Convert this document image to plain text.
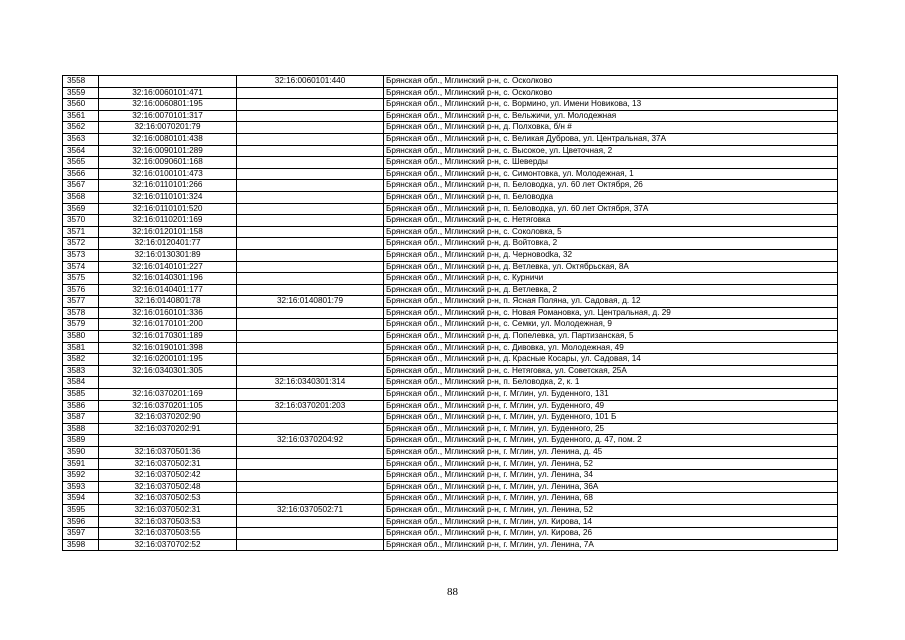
3558		32:16:0060101:440	Брянская обл., Мглинский р-н, с. Осколково
3559	32:16:0060101:471		Брянская обл., Мглинский р-н, с. Осколково
3560	32:16:0060801:195		Брянская обл., Мглинский р-н, с. Вормино, ул. Имени Новикова, 13
3561	32:16:0070101:317		Брянская обл., Мглинский р-н, с. Вельжичи, ул. Молодежная
3562	32:16:0070201:79		Брянская обл., Мглинский р-н, д. Полховка, б/н #
3563	32:16:0080101:438		Брянская обл., Мглинский р-н, с. Великая Дуброва, ул. Центральная, 37А
3564	32:16:0090101:289		Брянская обл., Мглинский р-н, с. Высокое, ул. Цветочная, 2
3565	32:16:0090601:168		Брянская обл., Мглинский р-н, с. Шеверды
3566	32:16:0100101:473		Брянская обл., Мглинский р-н, с. Симонтовка, ул. Молодежная, 1
3567	32:16:0110101:266		Брянская обл., Мглинский р-н, п. Беловодка, ул. 60 лет Октября, 26
3568	32:16:0110101:324		Брянская обл., Мглинский р-н, п. Беловодка
3569	32:16:0110101:520		Брянская обл., Мглинский р-н, п. Беловодка, ул. 60 лет Октября, 37А
3570	32:16:0110201:169		Брянская обл., Мглинский р-н, с. Нетяговка
3571	32:16:0120101:158		Брянская обл., Мглинский р-н, с. Соколовка, 5
3572	32:16:0120401:77		Брянская обл., Мглинский р-н, д. Войтовка, 2
3573	32:16:0130301:89		Брянская обл., Мглинский р-н, д. Черновodka, 32
3574	32:16:0140101:227		Брянская обл., Мглинский р-н, д. Ветлевка, ул. Октябрьская, 8А
3575	32:16:0140301:196		Брянская обл., Мглинский р-н, с. Курничи
3576	32:16:0140401:177		Брянская обл., Мглинский р-н, д. Ветлевка, 2
3577	32:16:0140801:78	32:16:0140801:79	Брянская обл., Мглинский р-н, п. Ясная Поляна, ул. Садовая, д. 12
3578	32:16:0160101:336		Брянская обл., Мглинский р-н, с. Новая Романовка, ул. Центральная, д. 29
3579	32:16:0170101:200		Брянская обл., Мглинский р-н, с. Семки, ул. Молодежная, 9
3580	32:16:0170301:189		Брянская обл., Мглинский р-н, д. Попелевка, ул. Партизанская, 5
3581	32:16:0190101:398		Брянская обл., Мглинский р-н, с. Дивовка, ул. Молодежная, 49
3582	32:16:0200101:195		Брянская обл., Мглинский р-н, д. Красные Косары, ул. Садовая, 14
3583	32:16:0340301:305		Брянская обл., Мглинский р-н, с. Нетяговка, ул. Советская, 25А
3584		32:16:0340301:314	Брянская обл., Мглинский р-н, п. Беловодка, 2, к. 1
3585	32:16:0370201:169		Брянская обл., Мглинский р-н, г. Мглин, ул. Буденного, 131
3586	32:16:0370201:105	32:16:0370201:203	Брянская обл., Мглинский р-н, г. Мглин, ул. Буденного, 49
3587	32:16:0370202:90		Брянская обл., Мглинский р-н, г. Мглин, ул. Буденного, 101 Б
3588	32:16:0370202:91		Брянская обл., Мглинский р-н, г. Мглин, ул. Буденного, 25
3589		32:16:0370204:92	Брянская обл., Мглинский р-н, г. Мглин, ул. Буденного, д. 47, пом. 2
3590	32:16:0370501:36		Брянская обл., Мглинский р-н, г. Мглин, ул. Ленина, д. 45
3591	32:16:0370502:31		Брянская обл., Мглинский р-н, г. Мглин, ул. Ленина, 52
3592	32:16:0370502:42		Брянская обл., Мглинский р-н, г. Мглин, ул. Ленина, 34
3593	32:16:0370502:48		Брянская обл., Мглинский р-н, г. Мглин, ул. Ленина, 36А
3594	32:16:0370502:53		Брянская обл., Мглинский р-н, г. Мглин, ул. Ленина, 68
3595	32:16:0370502:31	32:16:0370502:71	Брянская обл., Мглинский р-н, г. Мглин, ул. Ленина, 52
3596	32:16:0370503:53		Брянская обл., Мглинский р-н, г. Мглин, ул. Кирова, 14
3597	32:16:0370503:55		Брянская обл., Мглинский р-н, г. Мглин, ул. Кирова, 26
3598	32:16:0370702:52		Брянская обл., Мглинский р-н, г. Мглин, ул. Ленина, 7А
88
